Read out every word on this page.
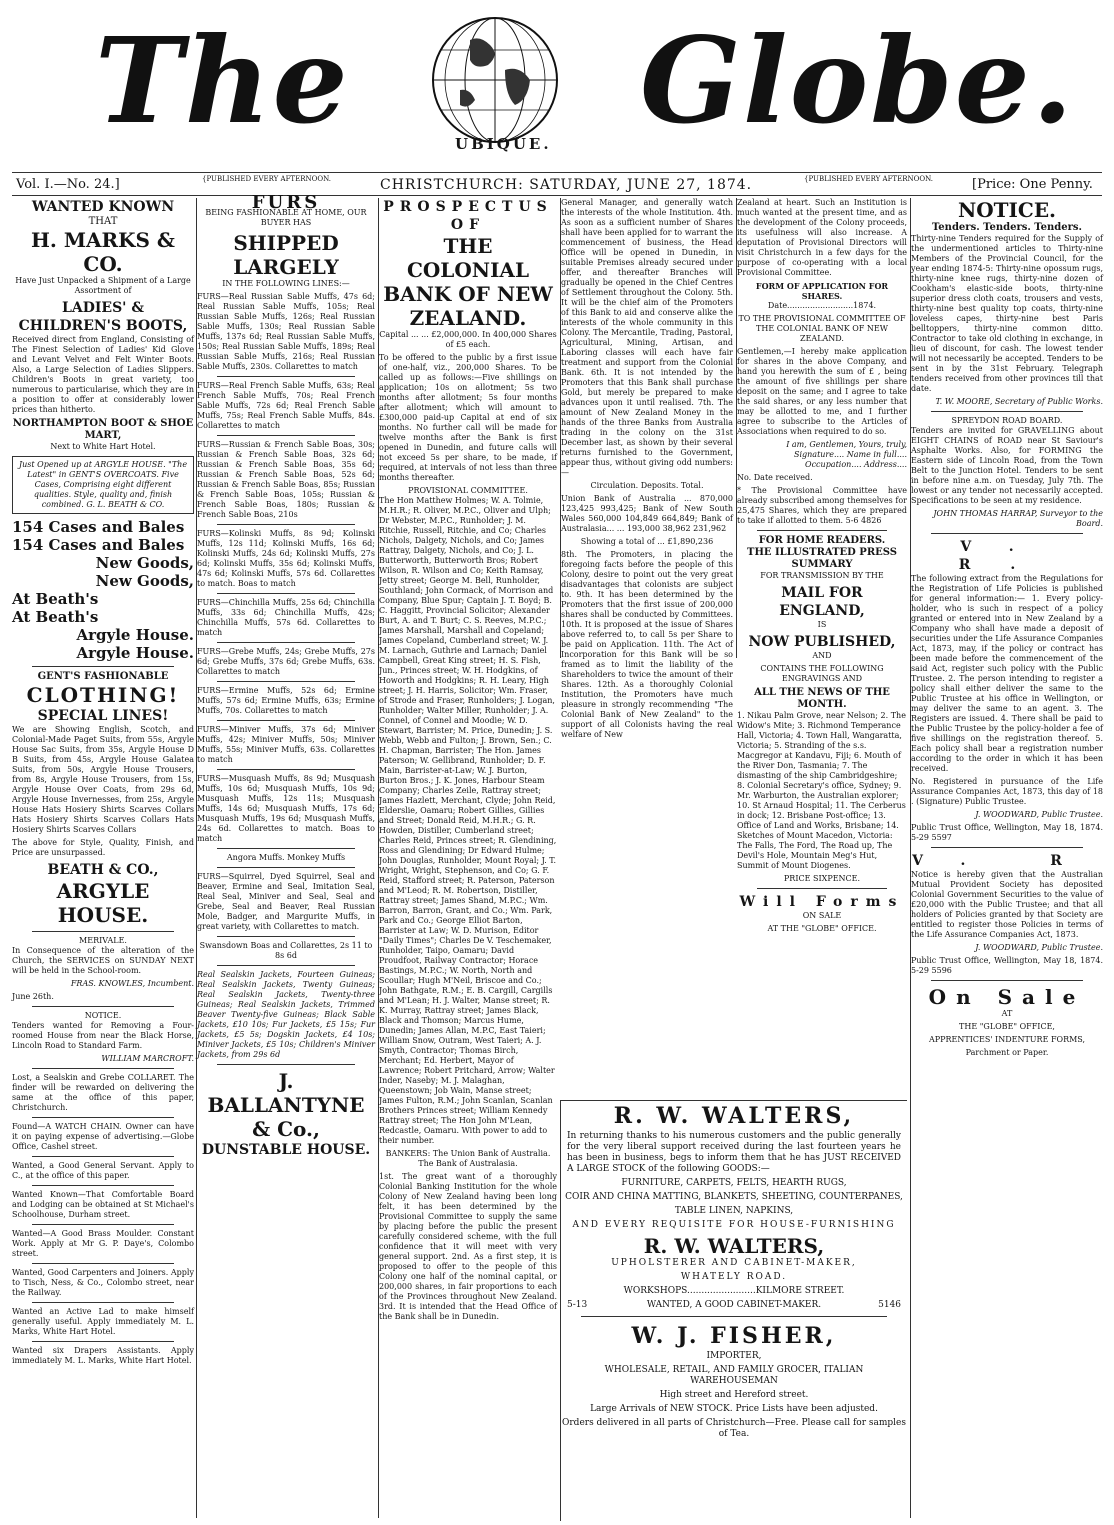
The	UBIQUE. Globe.
Vol. I.—No. 24.]	{PUBLISHED EVERY AFTERNOON.	CHRISTCHURCH: SATURDAY, JUNE 27, 1874.	{PUBLISHED EVERY AFTERNOON.	[Price: One Penny.
WANTED KNOWN
THAT
H. MARKS & CO.

Have Just Unpacked a Shipment of a Large Assortment of

LADIES' & CHILDREN'S BOOTS,

Received direct from England, Consisting of The Finest Selection of Ladies' Kid Glove and Levant Velvet and Felt Winter Boots. Also, a Large Selection of Ladies Slippers. Children's Boots in great variety, too numerous to particularise, which they are in a position to offer at considerably lower prices than hitherto.

NORTHAMPTON BOOT & SHOE MART,

Next to White Hart Hotel.

Just Opened up at ARGYLE HOUSE. "The Latest" in GENT'S OVERCOATS. Five Cases, Comprising eight different qualities. Style, quality and, finish combined. G. L. BEATH & CO.
154 Cases and Bales
154 Cases and Bales
New Goods,
New Goods,
At Beath's
At Beath's
Argyle House.
Argyle House.
GENT'S FASHIONABLE
CLOTHING!
SPECIAL LINES!

We are Showing English, Scotch, and Colonial-Made Paget Suits, from 55s, Argyle House Sac Suits, from 35s, Argyle House D B Suits, from 45s, Argyle House Galatea Suits, from 50s, Argyle House Trousers, from 8s, Argyle House Trousers, from 15s, Argyle House Over Coats, from 29s 6d, Argyle House Invernesses, from 25s, Argyle House Hats Hosiery Shirts Scarves Collars Hats Hosiery Shirts Scarves Collars Hats Hosiery Shirts Scarves Collars

The above for Style, Quality, Finish, and Price are unsurpassed.

BEATH & CO.,
ARGYLE HOUSE.
MERIVALE.

In Consequence of the alteration of the Church, the SERVICES on SUNDAY NEXT will be held in the School-room.

FRAS. KNOWLES, Incumbent.

June 26th.

NOTICE.

Tenders wanted for Removing a Four-roomed House from near the Black Horse, Lincoln Road to Standard Farm.

WILLIAM MARCROFT.

Lost, a Sealskin and Grebe COLLARET. The finder will be rewarded on delivering the same at the office of this paper, Christchurch.

Found—A WATCH CHAIN. Owner can have it on paying expense of advertising.—Globe Office, Cashel street.

Wanted, a Good General Servant. Apply to C., at the office of this paper.

Wanted Known—That Comfortable Board and Lodging can be obtained at St Michael's Schoolhouse, Durham street.

Wanted—A Good Brass Moulder. Constant Work. Apply at Mr G. P. Daye's, Colombo street.

Wanted, Good Carpenters and Joiners. Apply to Tisch, Ness, & Co., Colombo street, near the Railway.

Wanted an Active Lad to make himself generally useful. Apply immediately M. L. Marks, White Hart Hotel.

Wanted six Drapers Assistants. Apply immediately M. L. Marks, White Hart Hotel.

FURS

BEING FASHIONABLE AT HOME, OUR BUYER HAS

SHIPPED LARGELY

IN THE FOLLOWING LINES:—

FURS—Real Russian Sable Muffs, 47s 6d; Real Russian Sable Muffs, 105s; Real Russian Sable Muffs, 126s; Real Russian Sable Muffs, 130s; Real Russian Sable Muffs, 137s 6d; Real Russian Sable Muffs, 150s; Real Russian Sable Muffs, 189s; Real Russian Sable Muffs, 216s; Real Russian Sable Muffs, 230s. Collarettes to match

FURS—Real French Sable Muffs, 63s; Real French Sable Muffs, 70s; Real French Sable Muffs, 72s 6d; Real French Sable Muffs, 75s; Real French Sable Muffs, 84s. Collarettes to match

FURS—Russian & French Sable Boas, 30s; Russian & French Sable Boas, 32s 6d; Russian & French Sable Boas, 35s 6d; Russian & French Sable Boas, 52s 6d; Russian & French Sable Boas, 85s; Russian & French Sable Boas, 105s; Russian & French Sable Boas, 180s; Russian & French Sable Boas, 210s

FURS—Kolinski Muffs, 8s 9d; Kolinski Muffs, 12s 11d; Kolinski Muffs, 16s 6d; Kolinski Muffs, 24s 6d; Kolinski Muffs, 27s 6d; Kolinski Muffs, 35s 6d; Kolinski Muffs, 47s 6d; Kolinski Muffs, 57s 6d. Collarettes to match. Boas to match

FURS—Chinchilla Muffs, 25s 6d; Chinchilla Muffs, 33s 6d; Chinchilla Muffs, 42s; Chinchilla Muffs, 57s 6d. Collarettes to match

FURS—Grebe Muffs, 24s; Grebe Muffs, 27s 6d; Grebe Muffs, 37s 6d; Grebe Muffs, 63s. Collarettes to match

FURS—Ermine Muffs, 52s 6d; Ermine Muffs, 57s 6d; Ermine Muffs, 63s; Ermine Muffs, 70s. Collarettes to match

FURS—Miniver Muffs, 37s 6d; Miniver Muffs, 42s; Miniver Muffs, 50s; Miniver Muffs, 55s; Miniver Muffs, 63s. Collarettes to match

FURS—Musquash Muffs, 8s 9d; Musquash Muffs, 10s 6d; Musquash Muffs, 10s 9d; Musquash Muffs, 12s 11s; Musquash Muffs, 14s 6d; Musquash Muffs, 17s 6d; Musquash Muffs, 19s 6d; Musquash Muffs, 24s 6d. Collarettes to match. Boas to match

Angora Muffs. Monkey Muffs

FURS—Squirrel, Dyed Squirrel, Seal and Beaver, Ermine and Seal, Imitation Seal, Real Seal, Miniver and Seal, Seal and Grebe, Seal and Beaver, Real Russian Mole, Badger, and Margurite Muffs, in great variety, with Collarettes to match.

Swansdown Boas and Collarettes, 2s 11 to 8s 6d

Real Sealskin Jackets, Fourteen Guineas; Real Sealskin Jackets, Twenty Guineas; Real Sealskin Jackets, Twenty-three Guineas; Real Sealskin Jackets, Trimmed Beaver Twenty-five Guineas; Black Sable Jackets, £10 10s; Fur Jackets, £5 15s; Fur Jackets, £5 5s; Dogskin Jackets, £4 10s; Miniver Jackets, £5 10s; Children's Miniver Jackets, from 29s 6d

J. BALLANTYNE & Co.,
DUNSTABLE HOUSE.
PROSPECTUS OF
THE COLONIAL BANK OF NEW ZEALAND.

Capital ... ... £2,000,000. In 400,000 Shares of £5 each.

To be offered to the public by a first issue of one-half, viz., 200,000 Shares. To be called up as follows:—Five shillings on application; 10s on allotment; 5s two months after allotment; 5s four months after allotment; which will amount to £300,000 paid-up Capital at end of six months. No further call will be made for twelve months after the Bank is first opened in Dunedin, and future calls will not exceed 5s per share, to be made, if required, at intervals of not less than three months thereafter.

PROVISIONAL COMMITTEE.

The Hon Matthew Holmes; W. A. Tolmie, M.H.R.; R. Oliver, M.P.C., Oliver and Ulph; Dr Webster, M.P.C., Runholder; J. M. Ritchie, Russell, Ritchie, and Co; Charles Nichols, Dalgety, Nichols, and Co; James Rattray, Dalgety, Nichols, and Co; J. L. Butterworth, Butterworth Bros; Robert Wilson, R. Wilson and Co; Keith Ramsay, Jetty street; George M. Bell, Runholder, Southland; John Cormack, of Morrison and Company, Blue Spur; Captain J. T. Boyd; B. C. Haggitt, Provincial Solicitor; Alexander Burt, A. and T. Burt; C. S. Reeves, M.P.C.; James Marshall, Marshall and Copeland; James Copeland, Cumberland street; W. J. M. Larnach, Guthrie and Larnach; Daniel Campbell, Great King street; H. S. Fish, Jun., Princes street; W. H. Hodgkins, of Howorth and Hodgkins; R. H. Leary, High street; J. H. Harris, Solicitor; Wm. Fraser, of Strode and Fraser, Runholders; J. Logan, Runholder; Walter Miller, Runholder; J. A. Connel, of Connel and Moodie; W. D. Stewart, Barrister; M. Price, Dunedin; J. S. Webb, Webb and Fulton; J. Brown, Sen.; C. H. Chapman, Barrister; The Hon. James Paterson; W. Gellibrand, Runholder; D. F. Main, Barrister-at-Law; W. J. Burton, Burton Bros.; J. K. Jones, Harbour Steam Company; Charles Zeile, Rattray street; James Hazlett, Merchant, Clyde; John Reid, Elderslie, Oamaru; Robert Gillies, Gillies and Street; Donald Reid, M.H.R.; G. R. Howden, Distiller, Cumberland street; Charles Reid, Princes street; R. Glendining, Ross and Glendining; Dr Edward Hulme; John Douglas, Runholder, Mount Royal; J. T. Wright, Wright, Stephenson, and Co; G. F. Reid, Stafford street; R. Paterson, Paterson and M'Leod; R. M. Robertson, Distiller, Rattray street; James Shand, M.P.C.; Wm. Barron, Barron, Grant, and Co.; Wm. Park, Park and Co.; George Elliot Barton, Barrister at Law; W. D. Murison, Editor "Daily Times"; Charles De V. Teschemaker, Runholder, Taipo, Oamaru; David Proudfoot, Railway Contractor; Horace Bastings, M.P.C.; W. North, North and Scoullar; Hugh M'Neil, Briscoe and Co.; John Bathgate, R.M.; E. B. Cargill, Cargills and M'Lean; H. J. Walter, Manse street; R. K. Murray, Rattray street; James Black, Black and Thomson; Marcus Hume, Dunedin; James Allan, M.P.C, East Taieri; William Snow, Outram, West Taieri; A. J. Smyth, Contractor; Thomas Birch, Merchant; Ed. Herbert, Mayor of Lawrence; Robert Pritchard, Arrow; Walter Inder, Naseby; M. J. Malaghan, Queenstown; Job Wain, Manse street; James Fulton, R.M.; John Scanlan, Scanlan Brothers Princes street; William Kennedy Rattray street; The Hon John M'Lean, Redcastle, Oamaru. With power to add to their number.

BANKERS: The Union Bank of Australia. The Bank of Australasia.

1st. The great want of a thoroughly Colonial Banking Institution for the whole Colony of New Zealand having been long felt, it has been determined by the Provisional Committee to supply the same by placing before the public the present carefully considered scheme, with the full confidence that it will meet with very general support. 2nd. As a first step, it is proposed to offer to the people of this Colony one half of the nominal capital, or 200,000 shares, in fair proportions to each of the Provinces throughout New Zealand. 3rd. It is intended that the Head Office of the Bank shall be in Dunedin.

General Manager, and generally watch the interests of the whole Institution. 4th. As soon as a sufficient number of Shares shall have been applied for to warrant the commencement of business, the Head Office will be opened in Dunedin, in suitable Premises already secured under offer, and thereafter Branches will gradually be opened in the Chief Centres of Settlement throughout the Colony. 5th. It will be the chief aim of the Promoters of this Bank to aid and conserve alike the interests of the whole community in this Colony. The Mercantile, Trading, Pastoral, Agricultural, Mining, Artisan, and Laboring classes will each have fair treatment and support from the Colonial Bank. 6th. It is not intended by the Promoters that this Bank shall purchase Gold, but merely be prepared to make advances upon it until realised. 7th. The amount of New Zealand Money in the hands of the three Banks from Australia trading in the colony on the 31st December last, as shown by their several returns furnished to the Government, appear thus, without giving odd numbers:—

Circulation. Deposits. Total.

Union Bank of Australia ... 870,000 123,425 993,425; Bank of New South Wales 560,000 104,849 664,849; Bank of Australasia... ... 193,000 38,962 231,962

Showing a total of ... £1,890,236

8th. The Promoters, in placing the foregoing facts before the people of this Colony, desire to point out the very great disadvantages that colonists are subject to. 9th. It has been determined by the Promoters that the first issue of 200,000 shares shall be conducted by Committees. 10th. It is proposed at the issue of Shares above referred to, to call 5s per Share to be paid on Application. 11th. The Act of Incorporation for this Bank will be so framed as to limit the liability of the Shareholders to twice the amount of their Shares. 12th. As a thoroughly Colonial Institution, the Promoters have much pleasure in strongly recommending "The Colonial Bank of New Zealand" to the support of all Colonists having the real welfare of New

Zealand at heart. Such an Institution is much wanted at the present time, and as the development of the Colony proceeds, its usefulness will also increase. A deputation of Provisional Directors will visit Christchurch in a few days for the purpose of co-operating with a local Provisional Committee.

FORM OF APPLICATION FOR SHARES.

Date..........................1874.

TO THE PROVISIONAL COMMITTEE OF THE COLONIAL BANK OF NEW ZEALAND.

Gentlemen,—I hereby make application for shares in the above Company, and hand you herewith the sum of £ , being the amount of five shillings per share deposit on the same; and I agree to take the said shares, or any less number that may be allotted to me, and I further agree to subscribe to the Articles of Associations when required to do so.

I am, Gentlemen, Yours, truly, Signature.... Name in full.... Occupation.... Address....

No. Date received.

* The Provisional Committee have already subscribed among themselves for 25,475 Shares, which they are prepared to take if allotted to them. 5-6 4826

FOR HOME READERS.
THE ILLUSTRATED PRESS SUMMARY

FOR TRANSMISSION BY THE

MAIL FOR ENGLAND,

IS

NOW PUBLISHED,

AND

CONTAINS THE FOLLOWING ENGRAVINGS AND

ALL THE NEWS OF THE MONTH.

1. Nikau Palm Grove, near Nelson; 2. The Widow's Mite; 3. Richmond Temperance Hall, Victoria; 4. Town Hall, Wangaratta, Victoria; 5. Stranding of the s.s. Macgregor at Kandavu, Fiji; 6. Mouth of the River Don, Tasmania; 7. The dismasting of the ship Cambridgeshire; 8. Colonial Secretary's office, Sydney; 9. Mr. Warburton, the Australian explorer; 10. St Arnaud Hospital; 11. The Cerberus in dock; 12. Brisbane Post-office; 13. Office of Land and Works, Brisbane; 14. Sketches of Mount Macedon, Victoria: The Falls, The Ford, The Road up, The Devil's Hole, Mountain Meg's Hut, Summit of Mount Diogenes.

PRICE SIXPENCE.

Will Forms

ON SALE

AT THE "GLOBE" OFFICE.

R. W. WALTERS,

In returning thanks to his numerous customers and the public generally for the very liberal support received during the last fourteen years he has been in business, begs to inform them that he has JUST RECEIVED A LARGE STOCK of the following GOODS:—

FURNITURE, CARPETS, FELTS, HEARTH RUGS,

COIR AND CHINA MATTING, BLANKETS, SHEETING, COUNTERPANES,

TABLE LINEN, NAPKINS,

AND EVERY REQUISITE FOR HOUSE-FURNISHING

R. W. WALTERS,

UPHOLSTERER AND CABINET-MAKER,

WHATELY ROAD.

WORKSHOPS........................KILMORE STREET.

5-13	WANTED, A GOOD CABINET-MAKER.	5146
W. J. FISHER,

IMPORTER,

WHOLESALE, RETAIL, AND FAMILY GROCER, ITALIAN WAREHOUSEMAN

High street and Hereford street.

Large Arrivals of NEW STOCK. Price Lists have been adjusted.

Orders delivered in all parts of Christchurch—Free. Please call for samples of Tea.

NOTICE.
Tenders. Tenders. Tenders.

Thirty-nine Tenders required for the Supply of the undermentioned articles to Thirty-nine Members of the Provincial Council, for the year ending 1874-5: Thirty-nine opossum rugs, thirty-nine knee rugs, thirty-nine dozen of Cookham's elastic-side boots, thirty-nine superior dress cloth coats, trousers and vests, thirty-nine best quality top coats, thirty-nine loveless capes, thirty-nine best Paris belltoppers, thirty-nine common ditto. Contractor to take old clothing in exchange, in lieu of discount, for cash. The lowest tender will not necessarily be accepted. Tenders to be sent in by the 31st February. Telegraph tenders received from other provinces till that date.

T. W. MOORE, Secretary of Public Works.

SPREYDON ROAD BOARD.

Tenders are invited for GRAVELLING about EIGHT CHAINS of ROAD near St Saviour's Asphalte Works. Also, for FORMING the Eastern side of Lincoln Road, from the Town Belt to the Junction Hotel. Tenders to be sent in before nine a.m. on Tuesday, July 7th. The lowest or any tender not necessarily accepted. Specifications to be seen at my residence.

JOHN THOMAS HARRAP, Surveyor to the Board.

V. R.

The following extract from the Regulations for the Registration of Life Policies is published for general information:— 1. Every policy-holder, who is such in respect of a policy granted or entered into in New Zealand by a Company who shall have made a deposit of securities under the Life Assurance Companies Act, 1873, may, if the policy or contract has been made before the commencement of the said Act, register such policy with the Public Trustee. 2. The person intending to register a policy shall either deliver the same to the Public Trustee at his office in Wellington, or may deliver the same to an agent. 3. The Registers are issued. 4. There shall be paid to the Public Trustee by the policy-holder a fee of five shillings on the registration thereof. 5. Each policy shall bear a registration number according to the order in which it has been received.

No. Registered in pursuance of the Life Assurance Companies Act, 1873, this day of 18 . (Signature) Public Trustee.

J. WOODWARD, Public Trustee.

Public Trust Office, Wellington, May 18, 1874. 5-29 5597

V. R

Notice is hereby given that the Australian Mutual Provident Society has deposited Colonial Government Securities to the value of £20,000 with the Public Trustee; and that all holders of Policies granted by that Society are entitled to register those Policies in terms of the Life Assurance Companies Act, 1873.

J. WOODWARD, Public Trustee.

Public Trust Office, Wellington, May 18, 1874. 5-29 5596

On Sale

AT

THE "GLOBE" OFFICE,

APPRENTICES' INDENTURE FORMS,

Parchment or Paper.
